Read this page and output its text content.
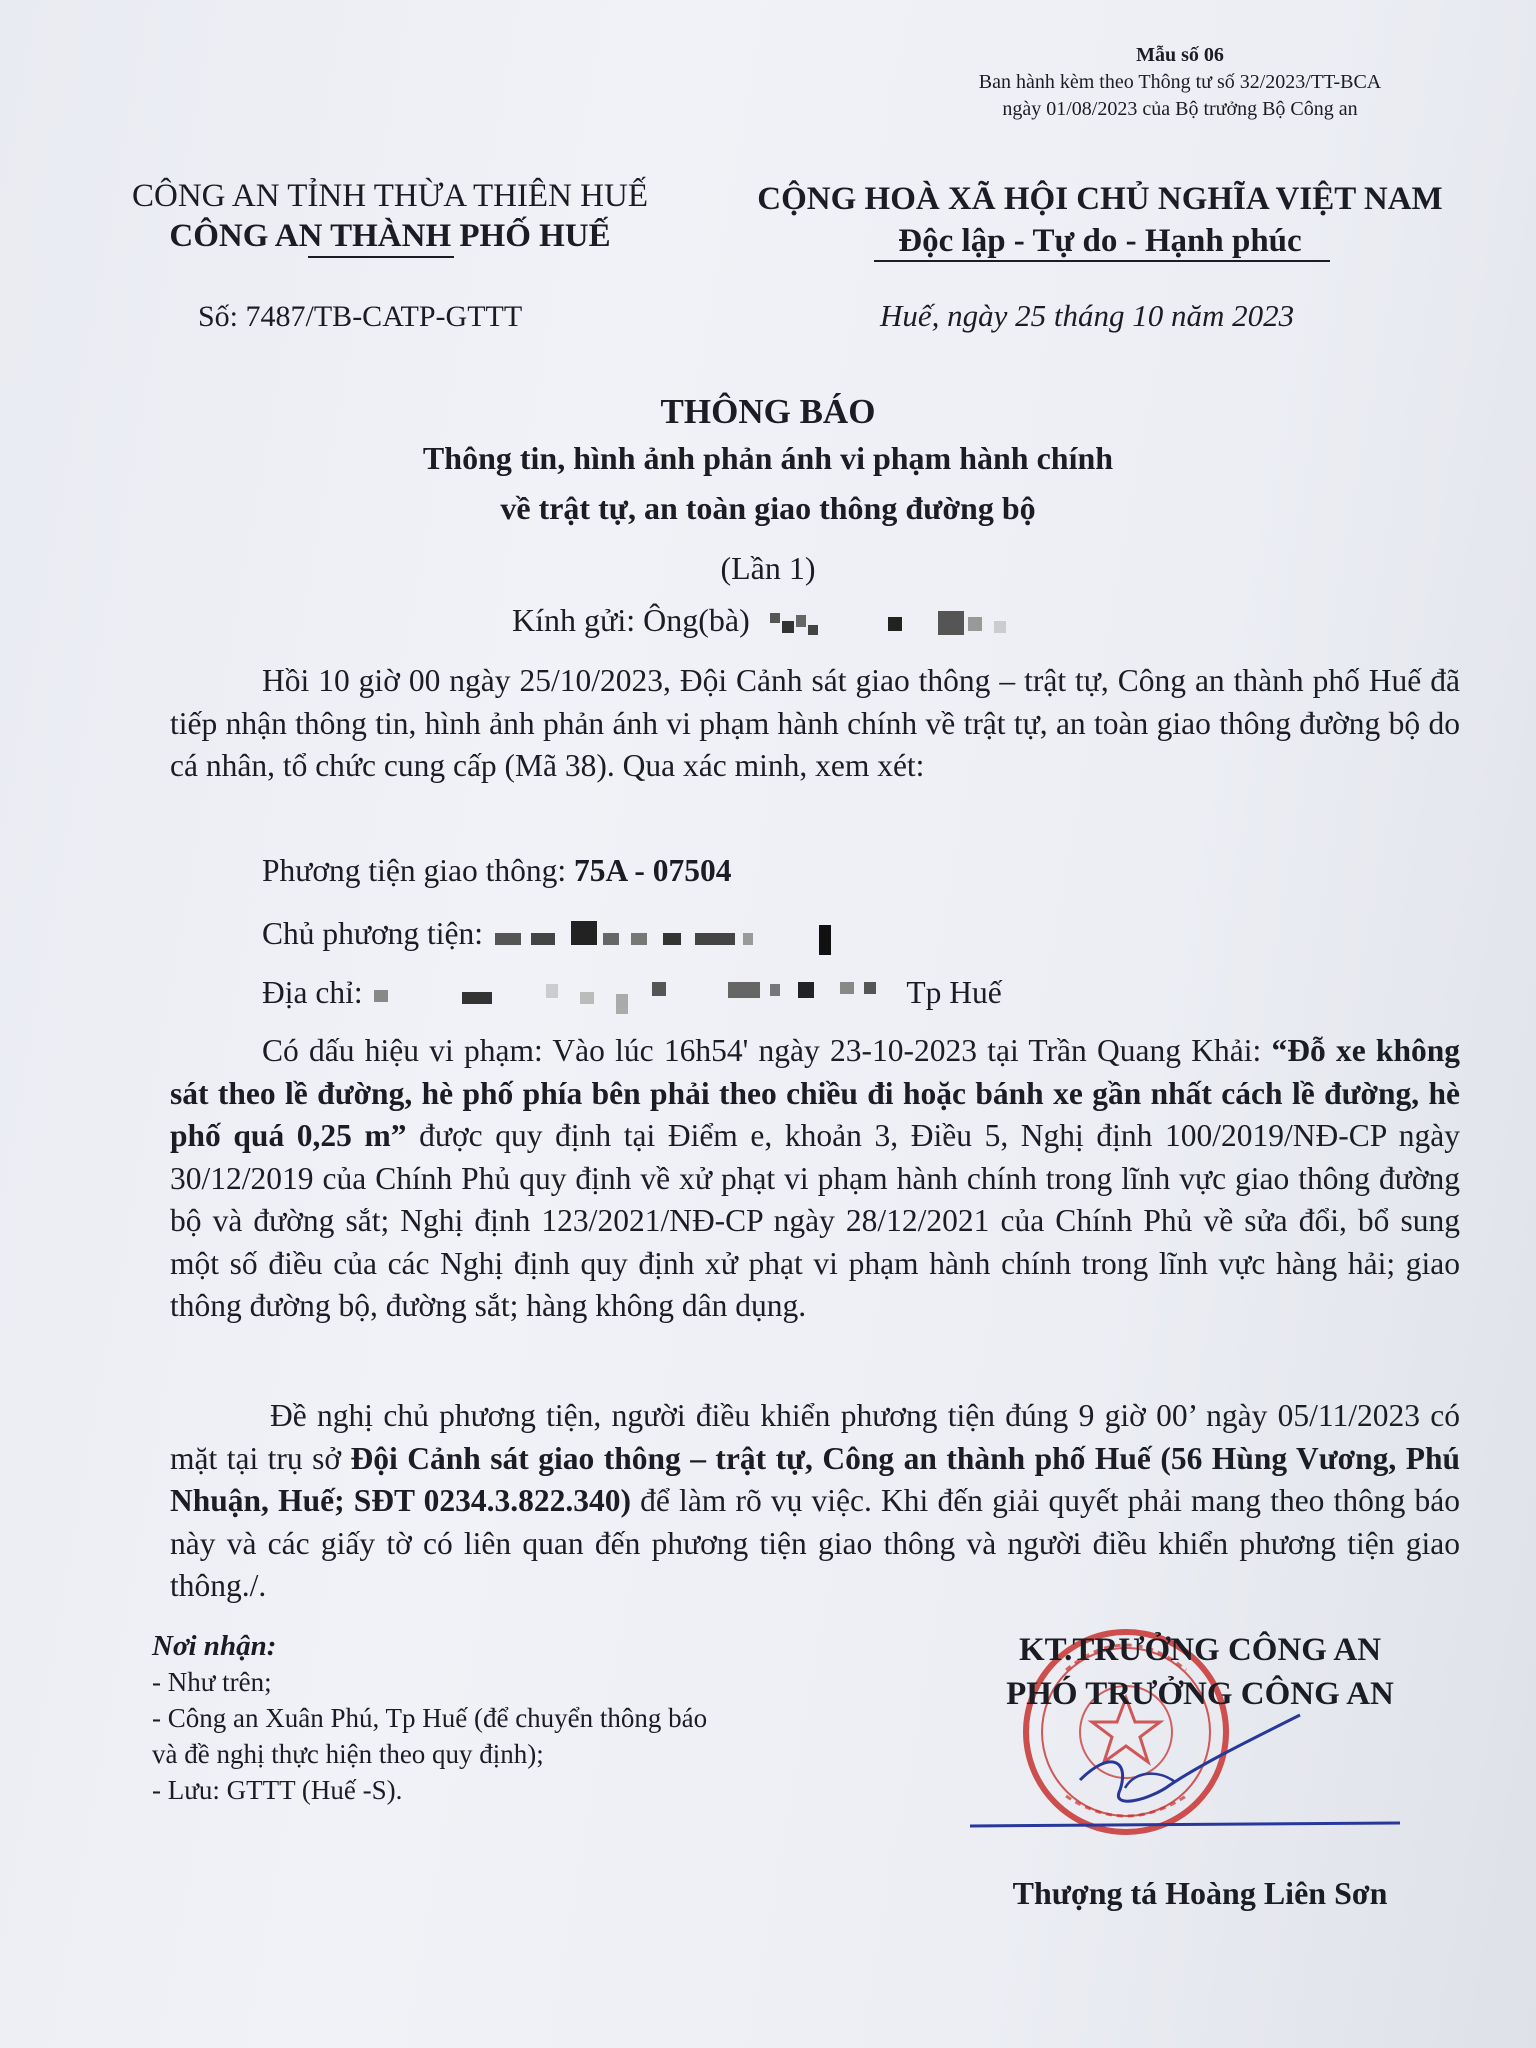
Mẫu số 06
Ban hành kèm theo Thông tư số 32/2023/TT-BCA
ngày 01/08/2023 của Bộ trưởng Bộ Công an
CÔNG AN TỈNH THỪA THIÊN HUẾ
CÔNG AN THÀNH PHỐ HUẾ
CỘNG HOÀ XÃ HỘI CHỦ NGHĨA VIỆT NAM
Độc lập - Tự do - Hạnh phúc
Số: 7487/TB-CATP-GTTT	Huế, ngày 25 tháng 10 năm 2023
THÔNG BÁO
Thông tin, hình ảnh phản ánh vi phạm hành chính
về trật tự, an toàn giao thông đường bộ
(Lần 1)
Kính gửi: Ông(bà)
Hồi 10 giờ 00 ngày 25/10/2023, Đội Cảnh sát giao thông – trật tự, Công an thành phố Huế đã tiếp nhận thông tin, hình ảnh phản ánh vi phạm hành chính về trật tự, an toàn giao thông đường bộ do cá nhân, tổ chức cung cấp (Mã 38). Qua xác minh, xem xét:
Phương tiện giao thông: 75A - 07504
Chủ phương tiện:
Địa chỉ:	Tp Huế
Có dấu hiệu vi phạm: Vào lúc 16h54' ngày 23-10-2023 tại Trần Quang Khải: “Đỗ xe không sát theo lề đường, hè phố phía bên phải theo chiều đi hoặc bánh xe gần nhất cách lề đường, hè phố quá 0,25 m” được quy định tại Điểm e, khoản 3, Điều 5, Nghị định 100/2019/NĐ-CP ngày 30/12/2019 của Chính Phủ quy định về xử phạt vi phạm hành chính trong lĩnh vực giao thông đường bộ và đường sắt; Nghị định 123/2021/NĐ-CP ngày 28/12/2021 của Chính Phủ về sửa đổi, bổ sung một số điều của các Nghị định quy định xử phạt vi phạm hành chính trong lĩnh vực hàng hải; giao thông đường bộ, đường sắt; hàng không dân dụng.
Đề nghị chủ phương tiện, người điều khiển phương tiện đúng 9 giờ 00’ ngày 05/11/2023 có mặt tại trụ sở Đội Cảnh sát giao thông – trật tự, Công an thành phố Huế (56 Hùng Vương, Phú Nhuận, Huế; SĐT 0234.3.822.340) để làm rõ vụ việc. Khi đến giải quyết phải mang theo thông báo này và các giấy tờ có liên quan đến phương tiện giao thông và người điều khiển phương tiện giao thông./.
Nơi nhận:
- Như trên;
- Công an Xuân Phú, Tp Huế (để chuyển thông báo
và đề nghị thực hiện theo quy định);
- Lưu: GTTT (Huế -S).
KT.TRƯỞNG CÔNG AN
PHÓ TRƯỞNG CÔNG AN
Thượng tá Hoàng Liên Sơn
